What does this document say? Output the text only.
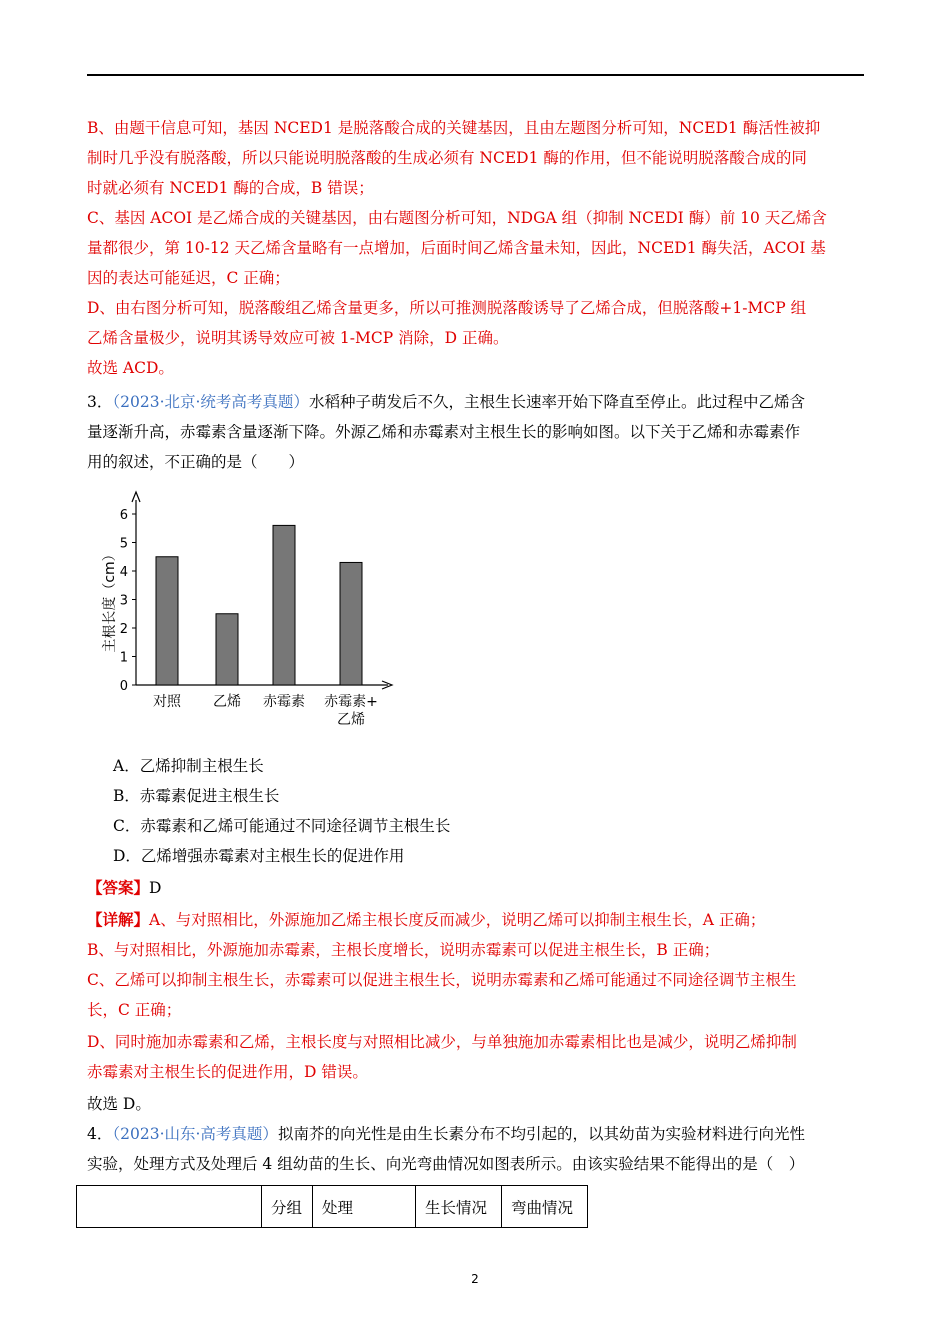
B、由题干信息可知，基因 NCED1 是脱落酸合成的关键基因，且由左题图分析可知，NCED1 酶活性被抑
制时几乎没有脱落酸，所以只能说明脱落酸的生成必须有 NCED1 酶的作用，但不能说明脱落酸合成的同
时就必须有 NCED1 酶的合成，B 错误；
C、基因 ACOI 是乙烯合成的关键基因，由右题图分析可知，NDGA 组（抑制 NCEDI 酶）前 10 天乙烯含
量都很少，第 10-12 天乙烯含量略有一点增加，后面时间乙烯含量未知，因此，NCED1 酶失活，ACOI 基
因的表达可能延迟，C 正确；
D、由右图分析可知，脱落酸组乙烯含量更多，所以可推测脱落酸诱导了乙烯合成，但脱落酸+1-MCP 组
乙烯含量极少，说明其诱导效应可被 1-MCP 消除，D 正确。
故选 ACD。
3．（2023·北京·统考高考真题）水稻种子萌发后不久，主根生长速率开始下降直至停止。此过程中乙烯含
量逐渐升高，赤霉素含量逐渐下降。外源乙烯和赤霉素对主根生长的影响如图。以下关于乙烯和赤霉素作
用的叙述，不正确的是（　　）
0
1
2
3
4
5
6
对照 乙烯 赤霉素 赤霉素+
乙烯
主根长度（cm）
A．乙烯抑制主根生长
B．赤霉素促进主根生长
C．赤霉素和乙烯可能通过不同途径调节主根生长
D．乙烯增强赤霉素对主根生长的促进作用
【答案】D
【详解】A、与对照相比，外源施加乙烯主根长度反而减少，说明乙烯可以抑制主根生长，A 正确；
B、与对照相比，外源施加赤霉素，主根长度增长，说明赤霉素可以促进主根生长，B 正确；
C、乙烯可以抑制主根生长，赤霉素可以促进主根生长，说明赤霉素和乙烯可能通过不同途径调节主根生
长，C 正确；
D、同时施加赤霉素和乙烯，主根长度与对照相比减少，与单独施加赤霉素相比也是减少，说明乙烯抑制
赤霉素对主根生长的促进作用，D 错误。
故选 D。
4．（2023·山东·高考真题）拟南芥的向光性是由生长素分布不均引起的，以其幼苗为实验材料进行向光性
实验，处理方式及处理后 4 组幼苗的生长、向光弯曲情况如图表所示。由该实验结果不能得出的是（　）
	分组	处理	生长情况	弯曲情况
2
